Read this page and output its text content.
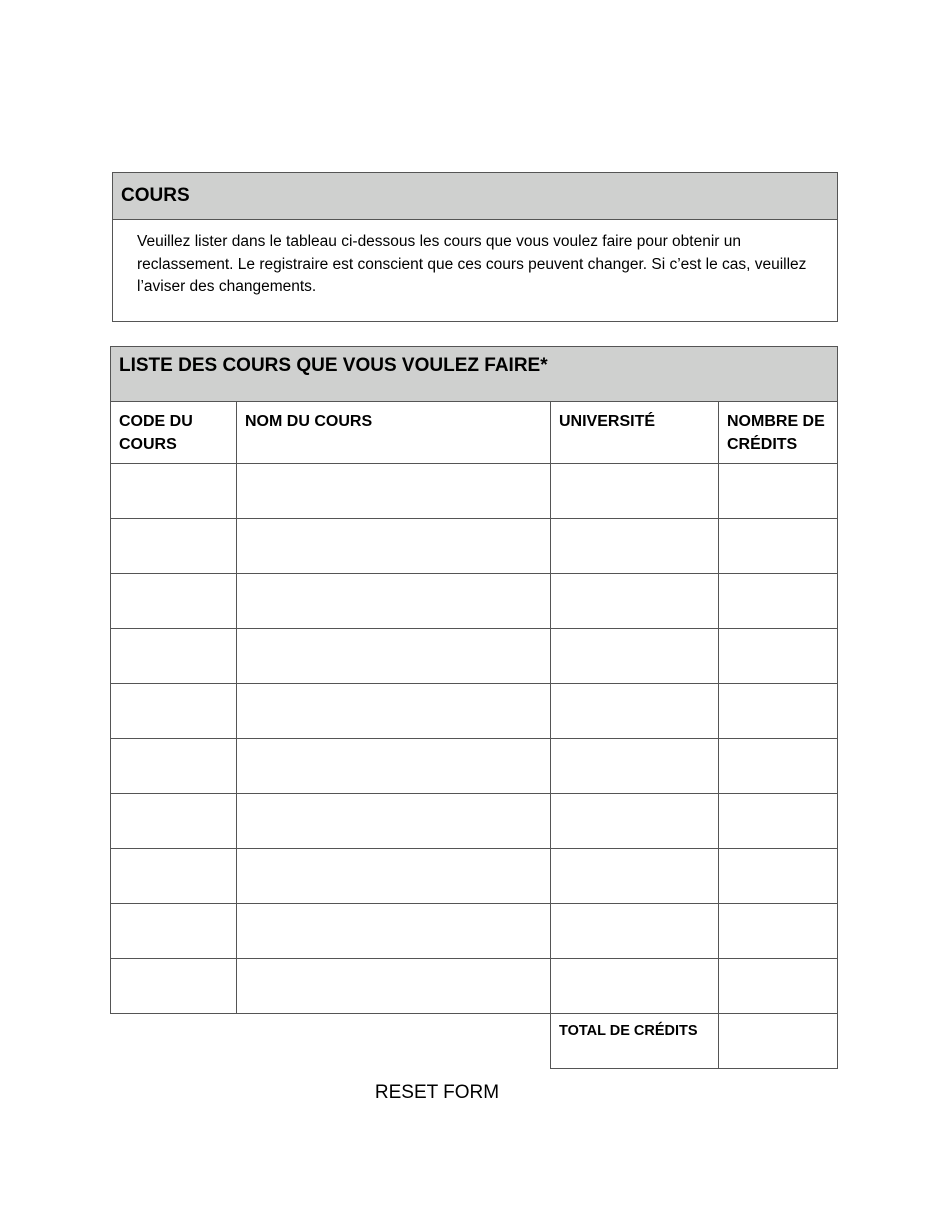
COURS
Veuillez lister dans le tableau ci-dessous les cours que vous voulez faire pour obtenir un reclassement. Le registraire est conscient que ces cours peuvent changer. Si c’est le cas, veuillez l’aviser des changements.
LISTE DES COURS QUE VOUS VOULEZ FAIRE*			
CODE DU COURS	NOM DU COURS	UNIVERSITÉ	NOMBRE DE CRÉDITS

		TOTAL DE CRÉDITS	
RESET FORM
